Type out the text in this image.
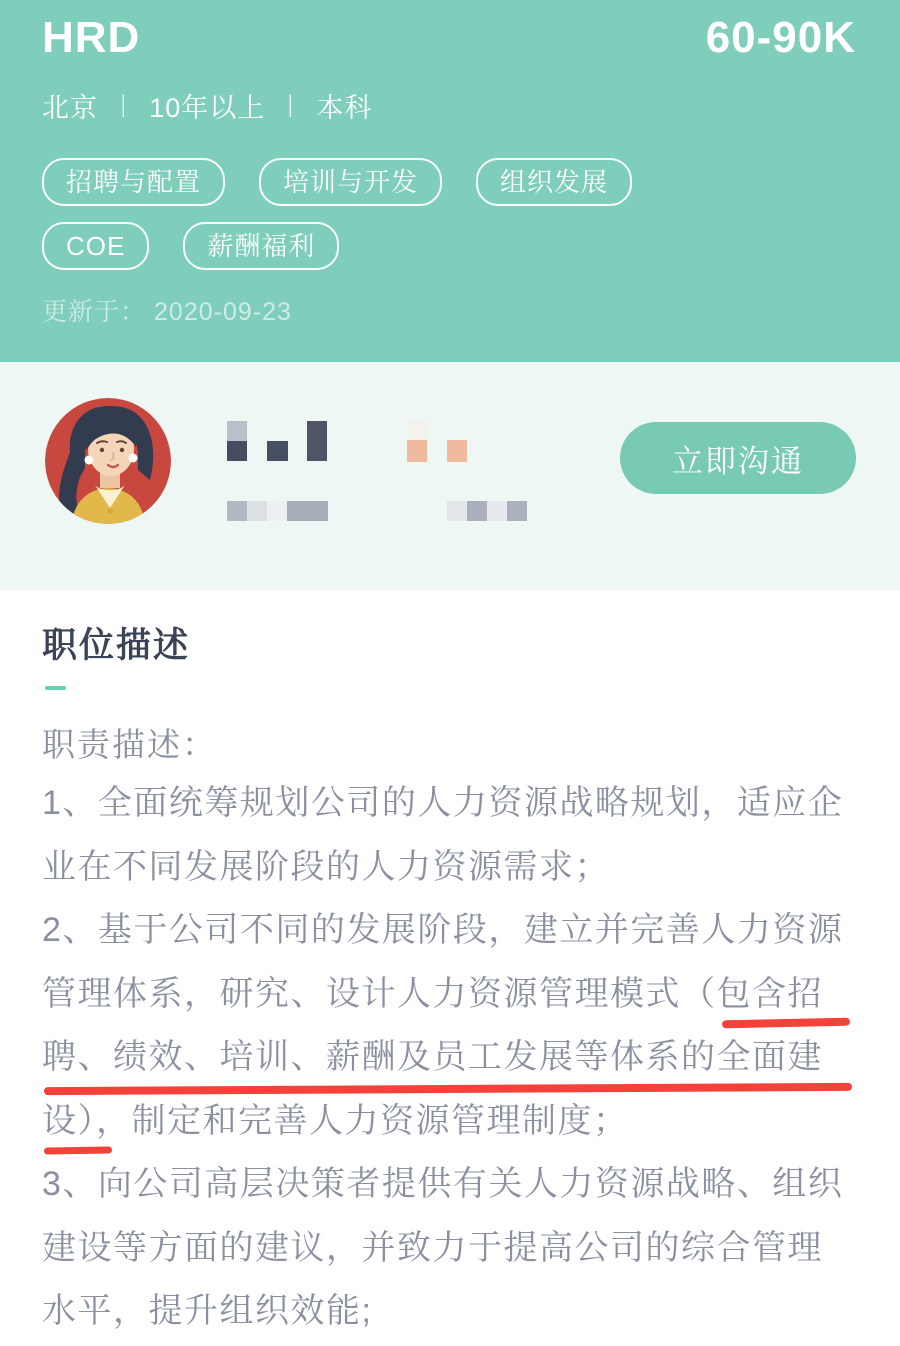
HRD	60-90K
北京 | 10年以上 | 本科
招聘与配置	培训与开发	组织发展
COE	薪酬福利
更新于： 2020-09-23
立即沟通
职位描述
职责描述：
1、全面统筹规划公司的人力资源战略规划，适应企
业在不同发展阶段的人力资源需求；
2、基于公司不同的发展阶段，建立并完善人力资源
管理体系，研究、设计人力资源管理模式（包含招
聘、绩效、培训、薪酬及员工发展等体系的全面建
设），制定和完善人力资源管理制度；
3、向公司高层决策者提供有关人力资源战略、组织
建设等方面的建议，并致力于提高公司的综合管理
水平，提升组织效能;
